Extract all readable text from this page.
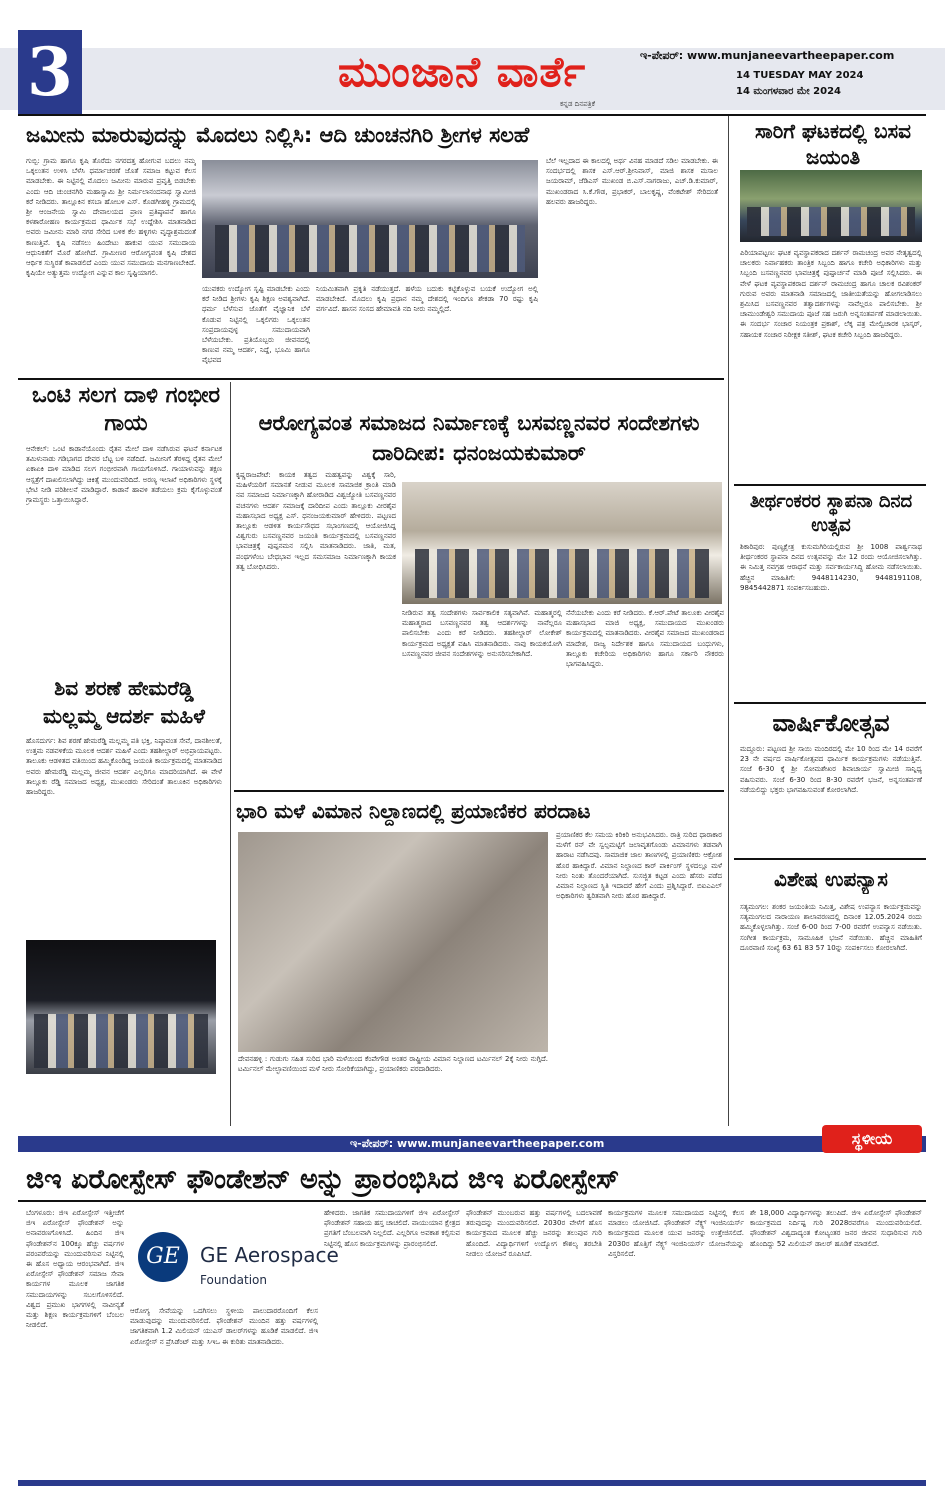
3	ಮುಂಜಾನೆ ವಾರ್ತೆ
ಕನ್ನಡ ದಿನಪತ್ರಿಕೆ
ಇ-ಪೇಪರ್: www.munjaneevartheepaper.com
14 TUESDAY MAY 2024
14 ಮಂಗಳವಾರ ಮೇ 2024
ಜಮೀನು ಮಾರುವುದನ್ನು ಮೊದಲು ನಿಲ್ಲಿಸಿ: ಆದಿ ಚುಂಚನಗಿರಿ ಶ್ರೀಗಳ ಸಲಹೆ
ಗುಬ್ಬಿ: ಗ್ರಾಮ ಹಾಗೂ ಕೃಷಿ ತೊರೆದು ನಗರದತ್ತ ಹೋಗುವ ಬದಲು ನಮ್ಮ ಒಕ್ಕಲುತನ ಉಳಿಸಿ ಬೆಳೆಸಿ ಧರ್ಮಾಚರಣೆ ಜೊತೆ ಸಮಾಜ ಕಟ್ಟುವ ಕೆಲಸ ಮಾಡಬೇಕು. ಈ ನಿಟ್ಟಿನಲ್ಲಿ ಮೊದಲು ಜಮೀನು ಮಾರುವ ಪ್ರವೃತ್ತಿ ಬಿಡಬೇಕು ಎಂದು ಆದಿ ಚುಂಚನಗಿರಿ ಮಹಾಸ್ವಾಮಿ ಶ್ರೀ ನಿರ್ಮಲಾನಂದನಾಥ ಸ್ವಾಮೀಜಿ ಕರೆ ನೀಡಿದರು. ತಾಲ್ಲೂಕಿನ ಕಸಬಾ ಹೋಬಳಿ ಎಸ್. ಕೊಡಗೀಹಳ್ಳಿ ಗ್ರಾಮದಲ್ಲಿ ಶ್ರೀ ಆಂಜನೇಯ ಸ್ವಾಮಿ ದೇವಾಲಯದ ಪ್ರಾಣ ಪ್ರತಿಷ್ಠಾಪನೆ ಹಾಗೂ ಕಳಶಾರೋಹಣ ಕಾರ್ಯಕ್ರಮದ ಧಾರ್ಮಿಕ ಸಭೆ ಉದ್ದೇಶಿಸಿ ಮಾತನಾಡಿದ ಅವರು ಜಮೀನು ಮಾರಿ ನಗರ ಸೇರಿದ ಬಳಿಕ ಕೆಲ ಹಳ್ಳಿಗಳು ವೃದ್ಧಾಶ್ರಮದಂತೆ ಕಾಣುತ್ತಿವೆ. ಕೃಷಿ ನಡೆಸಲು ಹಿಂದೇಟು ಹಾಕುವ ಯುವ ಸಮುದಾಯ ಆಧುನಿಕತೆಗೆ ಮೊರೆ ಹೋಗಿದೆ. ಗ್ರಾಮೀಣರ ಆರೋಗ್ಯವಂತ ಕೃಷಿ ದೇಶದ ಆರ್ಥಿಕ ಸುಸ್ಥಿರತೆ ಕಾಪಾಡಲಿದೆ ಎಂದು ಯುವ ಸಮುದಾಯ ಮನಗಾಣಬೇಕಿದೆ. ಕೃಷಿಯೇ ಅತ್ಯುತ್ತಮ ಉದ್ಯೋಗ ಎನ್ನುವ ಕಾಲ ಸೃಷ್ಟಿಯಾಗಲಿ.
ಯುವಕರು ಉದ್ಯೋಗ ಸೃಷ್ಟಿ ಮಾಡಬೇಕು ಎಂದು ಕರೆ ನೀಡಿದ ಶ್ರೀಗಳು ಕೃಷಿ ಶಿಕ್ಷಣ ಅವಶ್ಯವಾಗಿದೆ. ಧರ್ಮ ಬೆಳೆಸುವ ಜೊತೆಗೆ ವೈಜ್ಞಾನಿಕ ಬೆಳೆ ಕೊಡುವ ನಿಟ್ಟಿನಲ್ಲಿ ಒಕ್ಕಲಿಗರು ಒಕ್ಕಲುತನ ಸಂಪ್ರದಾಯವುಳ್ಳ ಸಮುದಾಯವಾಗಿ ಬೆಳೆಯಬೇಕು. ಪ್ರತಿಯೊಬ್ಬರು ಜೀವನದಲ್ಲಿ ಕಾಣುವ ನಮ್ಮ ಆದರ್ಶ, ನಿದ್ದೆ, ಭೂಮಿ ಹಾಗೂ ವೈಭವದ
ನಿಯಮಿತವಾಗಿ ಪ್ರಕೃತಿ ನಡೆಯುತ್ತದೆ. ಹಳೆಯ ಬದುಕು ಕಟ್ಟಿಕೊಳ್ಳುವ ಬಯಕೆ ಉದ್ಯೋಗ ಅಲ್ಲಿ ಮಾಡಬೇಕಿದೆ. ಮೊದಲು ಕೃಷಿ ಪ್ರಧಾನ ನಮ್ಮ ದೇಶದಲ್ಲಿ ಇಂದಿಗೂ ಶೇಕಡಾ 70 ರಷ್ಟು ಕೃಷಿ ವರ್ಗವಿದೆ. ಹಾಸನ ಸಂಸದ ಹೇಮಾವತಿ ನದಿ ನೀರು ನಮ್ಮಲ್ಲಿದೆ.
ಬೆಲೆ ಇಲ್ಲದಾದ ಈ ಕಾಲದಲ್ಲಿ ಅರ್ಥ ವಿನಹ ಮಾಡದೆ ಸಡಿಲ ಮಾಡಬೇಕು. ಈ ಸಂದರ್ಭದಲ್ಲಿ ಶಾಸಕ ಎಸ್.ಆರ್.ಶ್ರೀನಿವಾಸ್, ಮಾಜಿ ಶಾಸಕ ಮಸಾಲ ಜಯರಾಮ್, ಜೆಡಿಎಸ್ ಮುಖಂಡ ಬಿ.ಎಸ್.ನಾಗರಾಜು, ಎಚ್.ಡಿ.ಕುಮಾರ್, ಮುಖಂಡರಾದ ಸಿ.ಕೆ.ಗೌಡ, ಪ್ರಭಾಕರ್, ಬಾಲಕೃಷ್ಣ, ವೆಂಕಟೇಶ್ ಸೇರಿದಂತೆ ಹಲವರು ಹಾಜರಿದ್ದರು.
ಸಾರಿಗೆ ಘಟಕದಲ್ಲಿ ಬಸವ ಜಯಂತಿ
ಪಿರಿಯಾಪಟ್ಟಣ: ಘಟಕ ವ್ಯವಸ್ಥಾಪಕರಾದ ದರ್ಶನ್ ರಾಮಚಂದ್ರ ಅವರ ನೇತೃತ್ವದಲ್ಲಿ ಚಾಲಕರು ನಿರ್ವಾಹಕರು ತಾಂತ್ರಿಕ ಸಿಬ್ಬಂದಿ ಹಾಗೂ ಕಚೇರಿ ಅಧಿಕಾರಿಗಳು ಮತ್ತು ಸಿಬ್ಬಂದಿ ಬಸವಣ್ಣನವರ ಭಾವಚಿತ್ರಕ್ಕೆ ಪುಷ್ಪಾರ್ಚನೆ ಮಾಡಿ ಪೂಜೆ ಸಲ್ಲಿಸಿದರು. ಈ ವೇಳೆ ಘಟಕ ವ್ಯವಸ್ಥಾಪಕರಾದ ದರ್ಶನ್ ರಾಮಚಂದ್ರ ಹಾಗೂ ಚಾಲಕ ರವಿಶಂಕರ್ ಗುರುವ ಅವರು ಮಾತನಾಡಿ ಸಮಾಜದಲ್ಲಿ ಜಾತೀಯತೆಯನ್ನು ಹೋಗಲಾಡಿಸಲು ಶ್ರಮಿಸಿದ ಬಸವಣ್ಣನವರ ತತ್ವಾದರ್ಶಗಳನ್ನು ನಾವೆಲ್ಲರೂ ಪಾಲಿಸಬೇಕು. ಶ್ರೀ ಚಾಮುಂಡೇಶ್ವರಿ ಸಮುದಾಯ ಪೂಜೆ ಸಹ ಜರುಗಿ ಅನ್ನಸಂತರ್ಪಣೆ ಮಾಡಲಾಯಿತು. ಈ ಸಂದರ್ಭ ಸಂಚಾರ ನಿಯಂತ್ರಕ ಪ್ರಕಾಶ್, ಲೆಕ್ಕ ಪತ್ರ ಮೇಲ್ವಿಚಾರಕ ಭಾಸ್ಕರ್, ಸಹಾಯಕ ಸಂಚಾರ ನಿರೀಕ್ಷಕ ಸತೀಶ್, ಘಟಕ ಕಚೇರಿ ಸಿಬ್ಬಂದಿ ಹಾಜರಿದ್ದರು.
ಒಂಟಿ ಸಲಗ ದಾಳಿ ಗಂಭೀರ ಗಾಯ
ಆನೇಕಲ್: ಒಂಟಿ ಕಾಡಾನೆಯೊಂದು ರೈತನ ಮೇಲೆ ದಾಳಿ ನಡೆಸಿರುವ ಘಟನೆ ಕರ್ನಾಟಕ ತಮಿಳುನಾಡು ಗಡಿಭಾಗದ ದೇವರ ಬೆಟ್ಟ ಬಳಿ ನಡೆದಿದೆ. ಜಮೀನಿಗೆ ತೆರಳಿದ್ದ ರೈತನ ಮೇಲೆ ಏಕಾಏಕಿ ದಾಳಿ ಮಾಡಿದ ಸಲಗ ಗಂಭೀರವಾಗಿ ಗಾಯಗೊಳಿಸಿದೆ. ಗಾಯಾಳುವನ್ನು ತಕ್ಷಣ ಆಸ್ಪತ್ರೆಗೆ ದಾಖಲಿಸಲಾಗಿದ್ದು ಚಿಕಿತ್ಸೆ ಮುಂದುವರಿದಿದೆ. ಅರಣ್ಯ ಇಲಾಖೆ ಅಧಿಕಾರಿಗಳು ಸ್ಥಳಕ್ಕೆ ಭೇಟಿ ನೀಡಿ ಪರಿಶೀಲನೆ ಮಾಡಿದ್ದಾರೆ. ಕಾಡಾನೆ ಹಾವಳಿ ತಡೆಯಲು ಕ್ರಮ ಕೈಗೊಳ್ಳುವಂತೆ ಗ್ರಾಮಸ್ಥರು ಒತ್ತಾಯಿಸಿದ್ದಾರೆ.
ಶಿವ ಶರಣೆ ಹೇಮರೆಡ್ಡಿ ಮಲ್ಲಮ್ಮ ಆದರ್ಶ ಮಹಿಳೆ
ಹೊಸದುರ್ಗ: ಶಿವ ಶರಣೆ ಹೇಮರೆಡ್ಡಿ ಮಲ್ಲಮ್ಮ ಪತಿ ಭಕ್ತಿ, ನಿಷ್ಠಾವಂತ ಸೇವೆ, ದಾನಶೀಲತೆ, ಉತ್ತಮ ನಡವಳಿಕೆಯ ಮೂಲಕ ಆದರ್ಶ ಮಹಿಳೆ ಎಂದು ತಹಶೀಲ್ದಾರ್ ಅಭಿಪ್ರಾಯಪಟ್ಟರು. ತಾಲೂಕು ಆಡಳಿತದ ವತಿಯಿಂದ ಹಮ್ಮಿಕೊಂಡಿದ್ದ ಜಯಂತಿ ಕಾರ್ಯಕ್ರಮದಲ್ಲಿ ಮಾತನಾಡಿದ ಅವರು ಹೇಮರೆಡ್ಡಿ ಮಲ್ಲಮ್ಮ ಜೀವನ ಆದರ್ಶ ಎಲ್ಲರಿಗೂ ಮಾದರಿಯಾಗಿದೆ. ಈ ವೇಳೆ ತಾಲ್ಲೂಕು ರೆಡ್ಡಿ ಸಮಾಜದ ಅಧ್ಯಕ್ಷ, ಮುಖಂಡರು ಸೇರಿದಂತೆ ತಾಲೂಕಿನ ಅಧಿಕಾರಿಗಳು ಹಾಜರಿದ್ದರು.
ಆರೋಗ್ಯವಂತ ಸಮಾಜದ ನಿರ್ಮಾಣಕ್ಕೆ ಬಸವಣ್ಣನವರ ಸಂದೇಶಗಳು ದಾರಿದೀಪ: ಧನಂಜಯಕುಮಾರ್
ಕೃಷ್ಣರಾಜಪೇಟೆ: ಕಾಯಕ ತತ್ವದ ಮಹತ್ವವನ್ನು ವಿಶ್ವಕ್ಕೆ ಸಾರಿ, ಮಹಿಳೆಯರಿಗೆ ಸಮಾನತೆ ನೀಡುವ ಮೂಲಕ ಸಾಮಾಜಿಕ ಕ್ರಾಂತಿ ಮಾಡಿ ನವ ಸಮಾಜದ ನಿರ್ಮಾಣಕ್ಕಾಗಿ ಹೋರಾಡಿದ ವಿಶ್ವಜ್ಯೋತಿ ಬಸವಣ್ಣನವರ ವಚನಗಳು ಆದರ್ಶ ಸಮಾಜಕ್ಕೆ ದಾರಿದೀಪ ಎಂದು ತಾಲ್ಲೂಕು ವೀರಶೈವ ಮಹಾಸಭಾದ ಅಧ್ಯಕ್ಷ ಎಸ್. ಧನಂಜಯಕುಮಾರ್ ಹೇಳಿದರು. ಪಟ್ಟಣದ ತಾಲ್ಲೂಕು ಆಡಳಿತ ಕಾರ್ಯಸೌಧದ ಸಭಾಂಗಣದಲ್ಲಿ ಆಯೋಜಿಸಿದ್ದ ವಿಶ್ವಗುರು ಬಸವಣ್ಣನವರ ಜಯಂತಿ ಕಾರ್ಯಕ್ರಮದಲ್ಲಿ ಬಸವಣ್ಣನವರ ಭಾವಚಿತ್ರಕ್ಕೆ ಪುಷ್ಪನಮನ ಸಲ್ಲಿಸಿ ಮಾತನಾಡಿದರು. ಜಾತಿ, ಮತ, ಪಂಥಗಳೆಂಬ ಬೇಧಭಾವ ಇಲ್ಲದ ಸಮಸಮಾಜ ನಿರ್ಮಾಣಕ್ಕಾಗಿ ಕಾಯಕ ತತ್ವ ಬೋಧಿಸಿದರು.
ನೀಡಿರುವ ತತ್ವ ಸಂದೇಶಗಳು ಸಾರ್ವಕಾಲಿಕ ಸತ್ಯವಾಗಿವೆ. ಮಹಾತ್ಮರಲ್ಲಿ ಮಹಾತ್ಮರಾದ ಬಸವಣ್ಣನವರ ತತ್ವ ಆದರ್ಶಗಳನ್ನು ನಾವೆಲ್ಲರೂ ಪಾಲಿಸಬೇಕು ಎಂದು ಕರೆ ನೀಡಿದರು. ತಹಶೀಲ್ದಾರ್ ಲೋಕೇಶ್ ಕಾರ್ಯಕ್ರಮದ ಅಧ್ಯಕ್ಷತೆ ವಹಿಸಿ ಮಾತನಾಡಿದರು. ನಾವು ಕಾಯಕಯೋಗಿ ಬಸವಣ್ಣನವರ ಜೀವನ ಸಂದೇಶಗಳನ್ನು ಅನುಸರಿಸಬೇಕಾಗಿದೆ.
ನೆನೆಯಬೇಕು ಎಂದು ಕರೆ ನೀಡಿದರು. ಕೆ.ಆರ್.ಪೇಟೆ ತಾಲೂಕು ವೀರಶೈವ ಮಹಾಸಭಾದ ಮಾಜಿ ಅಧ್ಯಕ್ಷ, ಸಮುದಾಯದ ಮುಖಂಡರು ಕಾರ್ಯಕ್ರಮದಲ್ಲಿ ಮಾತನಾಡಿದರು. ವೀರಶೈವ ಸಮಾಜದ ಮುಖಂಡರಾದ ಮಾದೇಶ, ರಾಜ್ಯ ನಿರ್ದೇಶಕ ಹಾಗೂ ಸಮುದಾಯದ ಬಂಧುಗಳು, ತಾಲ್ಲೂಕು ಕಚೇರಿಯ ಅಧಿಕಾರಿಗಳು ಹಾಗೂ ಸರ್ಕಾರಿ ನೌಕರರು ಭಾಗವಹಿಸಿದ್ದರು.
ಭಾರಿ ಮಳೆ ವಿಮಾನ ನಿಲ್ದಾಣದಲ್ಲಿ ಪ್ರಯಾಣಿಕರ ಪರದಾಟ
ದೇವನಹಳ್ಳಿ : ಗುಡುಗು ಸಹಿತ ಸುರಿದ ಭಾರಿ ಮಳೆಯಿಂದ ಕೆಂಪೇಗೌಡ ಅಂತರ ರಾಷ್ಟ್ರೀಯ ವಿಮಾನ ನಿಲ್ದಾಣದ ಟರ್ಮಿನಲ್ 2ಕ್ಕೆ ನೀರು ನುಗ್ಗಿದೆ. ಟರ್ಮಿನಲ್ ಮೇಲ್ಛಾವಣಿಯಿಂದ ಮಳೆ ನೀರು ಸೋರಿಕೆಯಾಗಿದ್ದು, ಪ್ರಯಾಣಿಕರು ಪರದಾಡಿದರು.
ಪ್ರಯಾಣಿಕರ ಕೆಲ ಸಮಯ ಕಿರಿಕಿರಿ ಅನುಭವಿಸಿದರು. ರಾತ್ರಿ ಸುರಿದ ಧಾರಾಕಾರ ಮಳೆಗೆ ರನ್ ವೇ ಸ್ವಲ್ಪಮಟ್ಟಿಗೆ ಜಲಾವೃತಗೊಂಡು ವಿಮಾನಗಳು ತಡವಾಗಿ ಹಾರಾಟ ನಡೆಸಿದವು. ಸಾಮಾಜಿಕ ಜಾಲ ತಾಣಗಳಲ್ಲಿ ಪ್ರಯಾಣಿಕರು ಆಕ್ರೋಶ ಹೊರ ಹಾಕಿದ್ದಾರೆ. ವಿಮಾನ ನಿಲ್ದಾಣದ ಕಾರ್ ಪಾರ್ಕಿಂಗ್ ಸ್ಥಳದಲ್ಲೂ ಮಳೆ ನೀರು ನಿಂತು ತೊಂದರೆಯಾಗಿದೆ. ಸುಸಜ್ಜಿತ ಕಟ್ಟಡ ಎಂದು ಹೆಸರು ಪಡೆದ ವಿಮಾನ ನಿಲ್ದಾಣದ ಸ್ಥಿತಿ ಇದಾದರೆ ಹೇಗೆ ಎಂದು ಪ್ರಶ್ನಿಸಿದ್ದಾರೆ. ಬಿಐಎಎಲ್ ಅಧಿಕಾರಿಗಳು ತ್ವರಿತವಾಗಿ ನೀರು ಹೊರ ಹಾಕಿದ್ದಾರೆ.
ತೀರ್ಥಂಕರರ ಸ್ಥಾಪನಾ ದಿನದ ಉತ್ಸವ
ಶಿಕಾರಿಪುರ: ಪುಣ್ಯಕ್ಷೇತ್ರ ಕುಸುಮಗಿರಿಯಲ್ಲಿರುವ ಶ್ರೀ 1008 ಪಾರ್ಶ್ವನಾಥ ತೀರ್ಥಂಕರರ ಸ್ಥಾಪನಾ ದಿನದ ಉತ್ಸವವನ್ನು ಮೇ 12 ರಂದು ಆಯೋಜಿಸಲಾಗಿತ್ತು. ಈ ನಿಮಿತ್ತ ನವಗ್ರಹ ಆರಾಧನೆ ಮತ್ತು ಸರ್ವಕಾರ್ಯಸಿದ್ಧಿ ಹೋಮ ನಡೆಸಲಾಯಿತು. ಹೆಚ್ಚಿನ ಮಾಹಿತಿಗೆ: 9448114230, 9448191108, 9845442871 ಸಂಪರ್ಕಿಸಬಹುದು.
ವಾರ್ಷಿಕೋತ್ಸವ
ಮದ್ದೂರು: ಪಟ್ಟಣದ ಶ್ರೀ ಸಾಯಿ ಮಂದಿರದಲ್ಲಿ ಮೇ 10 ರಿಂದ ಮೇ 14 ರವರೆಗೆ 23 ನೇ ವರ್ಷದ ವಾರ್ಷಿಕೋತ್ಸವದ ಧಾರ್ಮಿಕ ಕಾರ್ಯಕ್ರಮಗಳು ನಡೆಯುತ್ತಿವೆ. ಸಂಜೆ 6-30 ಕ್ಕೆ ಶ್ರೀ ಸೋಮಶೇಖರ ಶಿವಾಚಾರ್ಯ ಸ್ವಾಮೀಜಿ ಸಾನ್ನಿಧ್ಯ ವಹಿಸುವರು. ಸಂಜೆ 6-30 ರಿಂದ 8-30 ರವರೆಗೆ ಭಜನೆ, ಅನ್ನಸಂತರ್ಪಣೆ ನಡೆಯಲಿದ್ದು ಭಕ್ತರು ಭಾಗವಹಿಸುವಂತೆ ಕೋರಲಾಗಿದೆ.
ವಿಶೇಷ ಉಪನ್ಯಾಸ
ಸತ್ಯಮಂಗಲ: ಶಂಕರ ಜಯಂತಿಯ ನಿಮಿತ್ತ, ವಿಶೇಷ ಉಪನ್ಯಾಸ ಕಾರ್ಯಕ್ರಮವನ್ನು ಸತ್ಯಮಂಗಲದ ನಾರಾಯಣ ಶಾಲಾವರಣದಲ್ಲಿ ದಿನಾಂಕ 12.05.2024 ರಂದು ಹಮ್ಮಿಕೊಳ್ಳಲಾಗಿತ್ತು. ಸಂಜೆ 6-00 ರಿಂದ 7-00 ರವರೆಗೆ ಉಪನ್ಯಾಸ ನಡೆಯಿತು. ಸಂಗೀತ ಕಾರ್ಯಕ್ರಮ, ಸಾಮೂಹಿಕ ಭಜನೆ ನಡೆಯಿತು. ಹೆಚ್ಚಿನ ಮಾಹಿತಿಗೆ ದೂರವಾಣಿ ಸಂಖ್ಯೆ 63 61 83 57 10ನ್ನು ಸಂಪರ್ಕಿಸಲು ಕೋರಲಾಗಿದೆ.
ಇ-ಪೇಪರ್: www.munjaneevartheepaper.com	ಸ್ಥಳೀಯ
ಜಿಇ ಏರೋಸ್ಪೇಸ್ ಫೌಂಡೇಶನ್ ಅನ್ನು ಪ್ರಾರಂಭಿಸಿದ ಜಿಇ ಏರೋಸ್ಪೇಸ್
ಬೆಂಗಳೂರು: ಜಿಇ ಏರೋಸ್ಪೇಸ್ ಇತ್ತೀಚೆಗೆ ಜಿಇ ಏರೋಸ್ಪೇಸ್ ಫೌಂಡೇಶನ್ ಅನ್ನು ಅನಾವರಣಗೊಳಿಸಿದೆ. ಹಿಂದಿನ ಜಿಇ ಫೌಂಡೇಶನ್‌ನ 100ಕ್ಕೂ ಹೆಚ್ಚು ವರ್ಷಗಳ ಪರಂಪರೆಯನ್ನು ಮುಂದುವರಿಸುವ ನಿಟ್ಟಿನಲ್ಲಿ ಈ ಹೊಸ ಅಧ್ಯಾಯ ಆರಂಭವಾಗಿದೆ. ಜಿಇ ಏರೋಸ್ಪೇಸ್ ಫೌಂಡೇಶನ್ ಸಮಾಜ ಸೇವಾ ಕಾರ್ಯಗಳ ಮೂಲಕ ಜಾಗತಿಕ ಸಮುದಾಯಗಳನ್ನು ಸಬಲಗೊಳಿಸಲಿದೆ. ವಿಶ್ವದ ಪ್ರಮುಖ ಭಾಗಗಳಲ್ಲಿ ನಾವೀನ್ಯತೆ ಮತ್ತು ಶಿಕ್ಷಣ ಕಾರ್ಯಕ್ರಮಗಳಿಗೆ ಬೆಂಬಲ ನೀಡಲಿದೆ.
GE	GE Aerospace
Foundation
ಆರೋಗ್ಯ ಸೇವೆಯನ್ನು ಒದಗಿಸಲು ಸ್ಥಳೀಯ ಪಾಲುದಾರರೊಂದಿಗೆ ಕೆಲಸ ಮಾಡುವುದನ್ನು ಮುಂದುವರಿಸಲಿದೆ. ಫೌಂಡೇಶನ್ ಮುಂದಿನ ಹತ್ತು ವರ್ಷಗಳಲ್ಲಿ ಜಾಗತಿಕವಾಗಿ 1.2 ಮಿಲಿಯನ್ ಯುಎಸ್ ಡಾಲರ್‌ಗಳನ್ನು ಹೂಡಿಕೆ ಮಾಡಲಿದೆ. ಜಿಇ ಏರೋಸ್ಪೇಸ್ ನ ಪ್ರೆಸಿಡೆಂಟ್ ಮತ್ತು ಸಿಇಒ ಈ ಕುರಿತು ಮಾತನಾಡಿದರು.
ಹೇಳಿದರು. ಜಾಗತಿಕ ಸಮುದಾಯಗಳಿಗೆ ಜಿಇ ಏರೋಸ್ಪೇಸ್ ಫೌಂಡೇಶನ್ ಸಹಾಯ ಹಸ್ತ ಚಾಚಲಿದೆ. ವಾಯುಯಾನ ಕ್ಷೇತ್ರದ ಪ್ರಗತಿಗೆ ಬೆಂಬಲವಾಗಿ ನಿಲ್ಲಲಿದೆ. ಎಲ್ಲರಿಗೂ ಅವಕಾಶ ಕಲ್ಪಿಸುವ ನಿಟ್ಟಿನಲ್ಲಿ ಹೊಸ ಕಾರ್ಯಕ್ರಮಗಳನ್ನು ಪ್ರಾರಂಭಿಸಲಿದೆ.
ಫೌಂಡೇಶನ್ ಮುಂಬರುವ ಹತ್ತು ವರ್ಷಗಳಲ್ಲಿ ಬದಲಾವಣೆ ತರುವುದನ್ನು ಮುಂದುವರಿಸಲಿದೆ. 2030ರ ವೇಳೆಗೆ ಹೊಸ ಕಾರ್ಯಕ್ರಮದ ಮೂಲಕ ಹೆಚ್ಚು ಜನರನ್ನು ತಲುಪುವ ಗುರಿ ಹೊಂದಿದೆ. ವಿದ್ಯಾರ್ಥಿಗಳಿಗೆ ಉದ್ಯೋಗ ಕೌಶಲ್ಯ ತರಬೇತಿ ನೀಡಲು ಯೋಜನೆ ರೂಪಿಸಿದೆ.
ಕಾರ್ಯಕ್ರಮಗಳ ಮೂಲಕ ಸಮುದಾಯದ ನಿಟ್ಟಿನಲ್ಲಿ ಕೆಲಸ ಮಾಡಲು ಯೋಜಿಸಿದೆ. ಫೌಂಡೇಶನ್ ನೆಕ್ಸ್ಟ್ ಇಂಜಿನಿಯರ್ಸ್ ಕಾರ್ಯಕ್ರಮದ ಮೂಲಕ ಯುವ ಜನರನ್ನು ಉತ್ತೇಜಿಸಲಿದೆ. 2030ರ ಹೊತ್ತಿಗೆ ನೆಕ್ಸ್ಟ್ ಇಂಜಿನಿಯರ್ಸ್ ಯೋಜನೆಯನ್ನು ವಿಸ್ತರಿಸಲಿದೆ.
ಶೇ 18,000 ವಿದ್ಯಾರ್ಥಿಗಳನ್ನು ತಲುಪಿದೆ. ಜಿಇ ಏರೋಸ್ಪೇಸ್ ಫೌಂಡೇಶನ್ ಕಾರ್ಯಕ್ರಮದ ನಿರ್ದಿಷ್ಟ ಗುರಿ 2028ರವರೆಗೂ ಮುಂದುವರಿಯಲಿದೆ. ಫೌಂಡೇಶನ್ ವಿಶ್ವದಾದ್ಯಂತ ಕೋಟ್ಯಂತರ ಜನರ ಜೀವನ ಸುಧಾರಿಸುವ ಗುರಿ ಹೊಂದಿದ್ದು 52 ಮಿಲಿಯನ್ ಡಾಲರ್ ಹೂಡಿಕೆ ಮಾಡಲಿದೆ.
